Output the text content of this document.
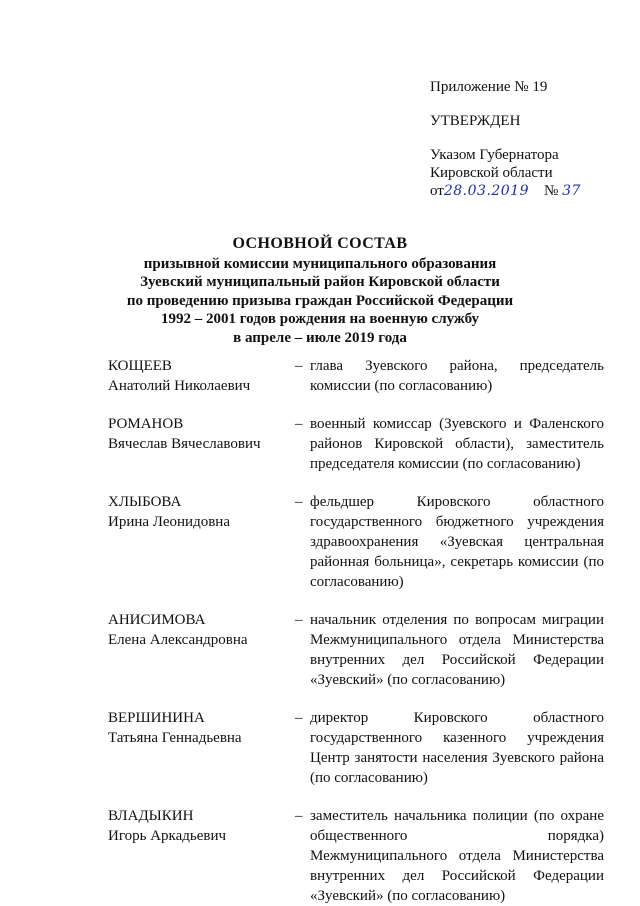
Приложение № 19
УТВЕРЖДЕН
Указом Губернатора
Кировской области
от28.03.2019 № 37
ОСНОВНОЙ СОСТАВ
призывной комиссии муниципального образования
Зуевский муниципальный район Кировской области
по проведению призыва граждан Российской Федерации
1992 – 2001 годов рождения на военную службу
в апреле – июле 2019 года
КОЩЕЕВ
Анатолий Николаевич
– глава Зуевского района, председатель комиссии (по согласованию)
РОМАНОВ
Вячеслав Вячеславович
– военный комиссар (Зуевского и Фаленского районов Кировской области), заместитель председателя комиссии (по согласованию)
ХЛЫБОВА
Ирина Леонидовна
– фельдшер Кировского областного государственного бюджетного учреждения здравоохранения «Зуевская центральная районная больница», секретарь комиссии (по согласованию)
АНИСИМОВА
Елена Александровна
– начальник отделения по вопросам миграции Межмуниципального отдела Министерства внутренних дел Российской Федерации «Зуевский» (по согласованию)
ВЕРШИНИНА
Татьяна Геннадьевна
– директор Кировского областного государственного казенного учреждения Центр занятости населения Зуевского района (по согласованию)
ВЛАДЫКИН
Игорь Аркадьевич
– заместитель начальника полиции (по охране общественного порядка) Межмуниципального отдела Министерства внутренних дел Российской Федерации «Зуевский» (по согласованию)
